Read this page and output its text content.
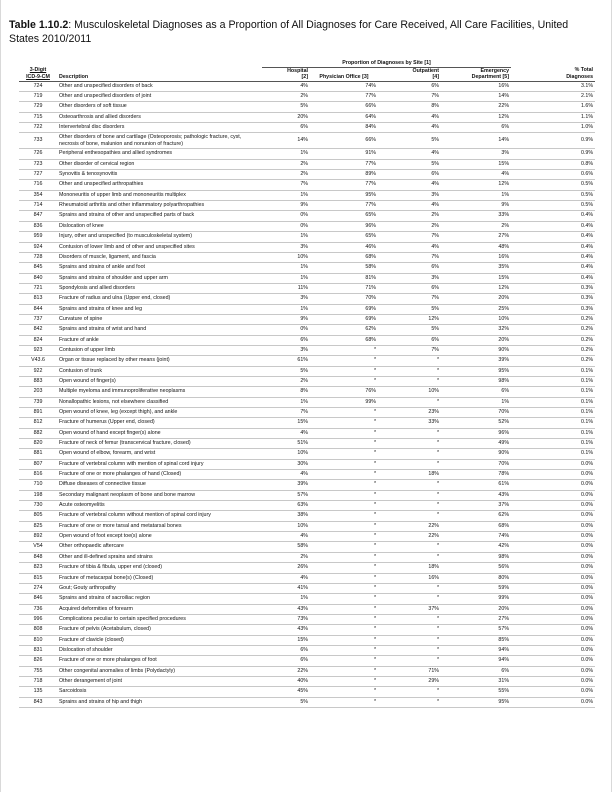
Table 1.10.2: Musculoskeletal Diagnoses as a Proportion of All Diagnoses for Care Received, All Care Facilities, United States 2010/2011
		Proportion of Diagnoses by Site [1]				
3-Digit		Hospital		Outpatient	Emergency	% Total
ICD-9-CM	Description	[2]	Physician Office [3]	[4]	Department [5]	Diagnoses
724	Other and unspecified disorders of back	4%	74%	6%	16%	3.1%
719	Other and unspecified disorders of joint	2%	77%	7%	14%	2.1%
729	Other disorders of soft tissue	5%	66%	8%	22%	1.6%
715	Osteoarthrosis and allied disorders	20%	64%	4%	12%	1.1%
722	Intervertebral disc disorders	6%	84%	4%	6%	1.0%
733	Other disorders of bone and cartilage (Osteoporosis; pathologic fracture, cyst, necrosis of bone, malunion and nonunion of fracture)	14%	66%	5%	14%	0.9%
726	Peripheral enthesopathies and allied syndromes	1%	91%	4%	3%	0.9%
723	Other disorder of cervical region	2%	77%	5%	15%	0.8%
727	Synovitis & tenosynovitis	2%	89%	6%	4%	0.6%
716	Other and unspecified arthropathies	7%	77%	4%	12%	0.5%
354	Mononeuritis of upper limb and mononeuritis multiplex	1%	95%	3%	1%	0.5%
714	Rheumatoid arthritis and other inflammatory polyarthropathies	9%	77%	4%	9%	0.5%
847	Sprains and strains of other and unspecified parts of back	0%	65%	2%	33%	0.4%
836	Dislocation of knee	0%	96%	2%	2%	0.4%
959	Injury, other and unspecified (to musculoskeletal system)	1%	65%	7%	27%	0.4%
924	Contusion of lower limb and of other and unspecified sites	3%	46%	4%	48%	0.4%
728	Disorders of muscle, ligament, and fascia	10%	68%	7%	16%	0.4%
845	Sprains and strains of ankle and foot	1%	58%	6%	35%	0.4%
840	Sprains and strains of shoulder and upper arm	1%	81%	3%	15%	0.4%
721	Spondylosis and allied disorders	11%	71%	6%	12%	0.3%
813	Fracture of radius and ulna (Upper end, closed)	3%	70%	7%	20%	0.3%
844	Sprains and strains of knee and leg	1%	69%	5%	25%	0.3%
737	Curvature of spine	9%	69%	12%	10%	0.2%
842	Sprains and strains of wrist and hand	0%	62%	5%	32%	0.2%
824	Fracture of ankle	6%	68%	6%	20%	0.2%
923	Contusion of upper limb	3%	*	7%	90%	0.2%
V43.6	Organ or tissue replaced by other means (joint)	61%	*	*	39%	0.2%
922	Contusion of trunk	5%	*	*	95%	0.1%
883	Open wound of finger(s)	2%	*	*	98%	0.1%
203	Multiple myeloma and immunoproliferative neoplasms	8%	76%	10%	6%	0.1%
739	Nonallopathic lesions, not elsewhere classified	1%	99%	*	1%	0.1%
891	Open wound of knee, leg (except thigh), and ankle	7%	*	23%	70%	0.1%
812	Fracture of humerus (Upper end, closed)	15%	*	33%	52%	0.1%
882	Open wound of hand except finger(s) alone	4%	*	*	96%	0.1%
820	Fracture of neck of femur (transcervical fracture, closed)	51%	*	*	49%	0.1%
881	Open wound of elbow, forearm, and wrist	10%	*	*	90%	0.1%
807	Fracture of vertebral column with mention of spinal cord injury	30%	*	*	70%	0.0%
816	Fracture of one or more phalanges of hand (Closed)	4%	*	18%	78%	0.0%
710	Diffuse diseases of connective tissue	39%	*	*	61%	0.0%
198	Secondary malignant neoplasm of bone and bone marrow	57%	*	*	43%	0.0%
730	Acute osteomyelitis	63%	*	*	37%	0.0%
805	Fracture of vertebral column without mention of spinal cord injury	38%	*	*	62%	0.0%
825	Fracture of one or more tarsal and metatarsal bones	10%	*	22%	68%	0.0%
892	Open wound of foot except toe(s) alone	4%	*	22%	74%	0.0%
V54	Other orthopaedic aftercare	58%	*	*	42%	0.0%
848	Other and ill-defined sprains and strains	2%	*	*	98%	0.0%
823	Fracture of tibia & fibula, upper end (closed)	26%	*	18%	56%	0.0%
815	Fracture of metacarpal bone(s) (Closed)	4%	*	16%	80%	0.0%
274	Gout; Gouty arthropathy	41%	*	*	59%	0.0%
846	Sprains and strains of sacroiliac region	1%	*	*	99%	0.0%
736	Acquired deformities of forearm	43%	*	37%	20%	0.0%
996	Complications peculiar to certain specified procedures	73%	*	*	27%	0.0%
808	Fracture of pelvis (Acetabulum, closed)	43%	*	*	57%	0.0%
810	Fracture of clavicle (closed)	15%	*	*	85%	0.0%
831	Dislocation of shoulder	6%	*	*	94%	0.0%
826	Fracture of one or more phalanges of foot	6%	*	*	94%	0.0%
755	Other congenital anomalies of limbs (Polydactyly)	22%	*	71%	6%	0.0%
718	Other derangement of joint	40%	*	29%	31%	0.0%
135	Sarcoidosis	45%	*	*	55%	0.0%
843	Sprains and strains of hip and thigh	5%	*	*	95%	0.0%
